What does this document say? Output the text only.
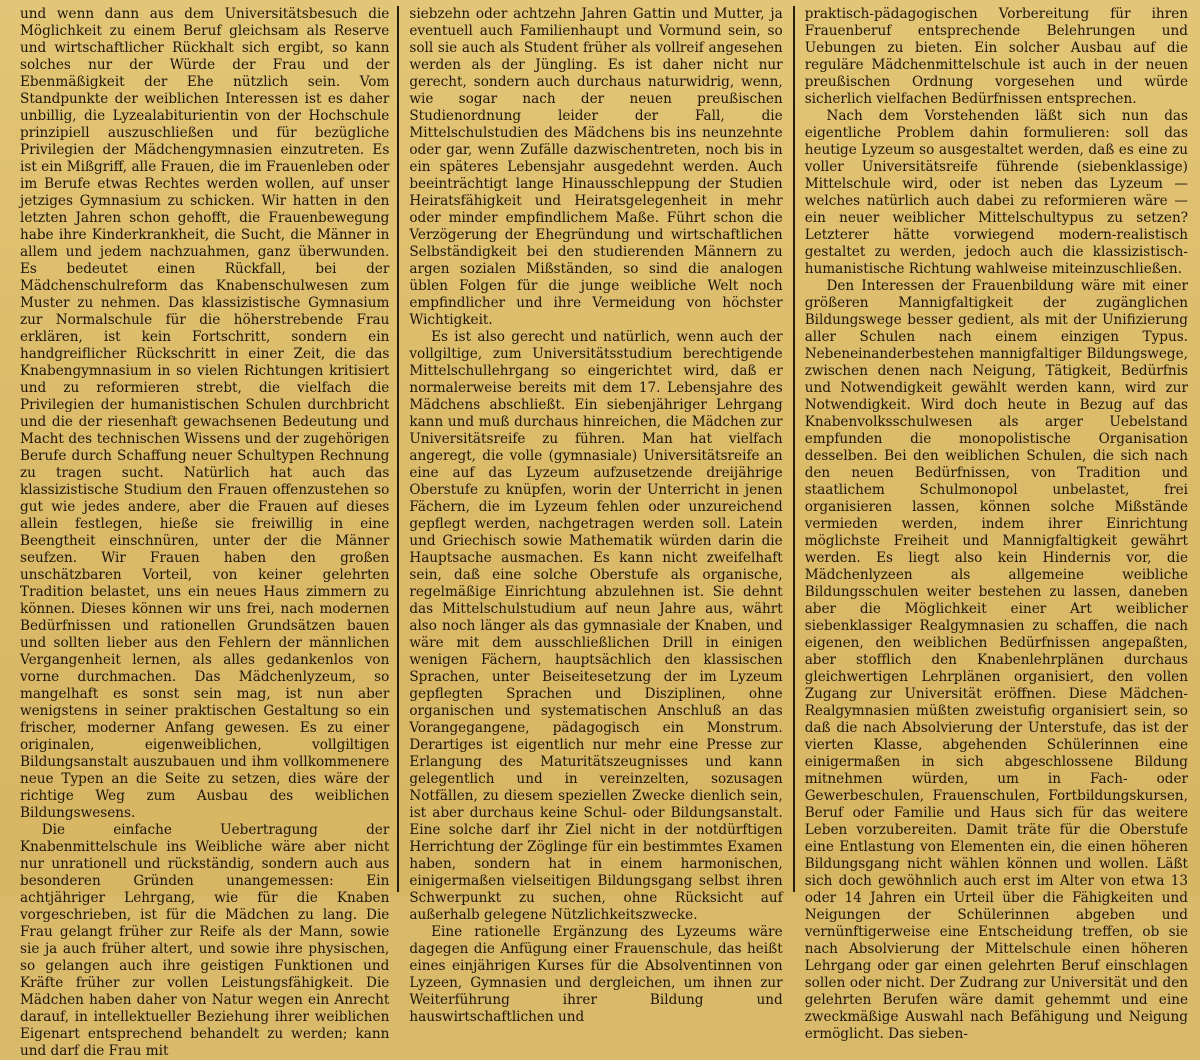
und wenn dann aus dem Universitätsbesuch die Möglichkeit zu einem Beruf gleichsam als Reserve und wirtschaftlicher Rückhalt sich ergibt, so kann solches nur der Würde der Frau und der Ebenmäßigkeit der Ehe nützlich sein. Vom Standpunkte der weiblichen Interessen ist es daher unbillig, die Lyzealabiturientin von der Hochschule prinzipiell auszuschließen und für bezügliche Privilegien der Mädchengymnasien einzutreten. Es ist ein Mißgriff, alle Frauen, die im Frauenleben oder im Berufe etwas Rechtes werden wollen, auf unser jetziges Gymnasium zu schicken. Wir hatten in den letzten Jahren schon gehofft, die Frauenbewegung habe ihre Kinderkrankheit, die Sucht, die Männer in allem und jedem nachzuahmen, ganz überwunden. Es bedeutet einen Rückfall, bei der Mädchenschulreform das Knabenschulwesen zum Muster zu nehmen. Das klassizistische Gymnasium zur Normalschule für die höherstrebende Frau erklären, ist kein Fortschritt, sondern ein handgreiflicher Rückschritt in einer Zeit, die das Knabengymnasium in so vielen Richtungen kritisiert und zu reformieren strebt, die vielfach die Privilegien der humanistischen Schulen durchbricht und die der riesenhaft gewachsenen Bedeutung und Macht des technischen Wissens und der zugehörigen Berufe durch Schaffung neuer Schultypen Rechnung zu tragen sucht. Natürlich hat auch das klassizistische Studium den Frauen offenzustehen so gut wie jedes andere, aber die Frauen auf dieses allein festlegen, hieße sie freiwillig in eine Beengtheit einschnüren, unter der die Männer seufzen. Wir Frauen haben den großen unschätzbaren Vorteil, von keiner gelehrten Tradition belastet, uns ein neues Haus zimmern zu können. Dieses können wir uns frei, nach modernen Bedürfnissen und rationellen Grundsätzen bauen und sollten lieber aus den Fehlern der männlichen Vergangenheit lernen, als alles gedankenlos von vorne durchmachen. Das Mädchenlyzeum, so mangelhaft es sonst sein mag, ist nun aber wenigstens in seiner praktischen Gestaltung so ein frischer, moderner Anfang gewesen. Es zu einer originalen, eigenweiblichen, vollgiltigen Bildungsanstalt auszubauen und ihm vollkommenere neue Typen an die Seite zu setzen, dies wäre der richtige Weg zum Ausbau des weiblichen Bildungswesens.

Die einfache Uebertragung der Knabenmittelschule ins Weibliche wäre aber nicht nur unrationell und rückständig, sondern auch aus besonderen Gründen unangemessen: Ein achtjähriger Lehrgang, wie für die Knaben vorgeschrieben, ist für die Mädchen zu lang. Die Frau gelangt früher zur Reife als der Mann, sowie sie ja auch früher altert, und sowie ihre physischen, so gelangen auch ihre geistigen Funktionen und Kräfte früher zur vollen Leistungsfähigkeit. Die Mädchen haben daher von Natur wegen ein Anrecht darauf, in intellektueller Beziehung ihrer weiblichen Eigenart entsprechend behandelt zu werden; kann und darf die Frau mit

siebzehn oder achtzehn Jahren Gattin und Mutter, ja eventuell auch Familienhaupt und Vormund sein, so soll sie auch als Student früher als vollreif angesehen werden als der Jüngling. Es ist daher nicht nur gerecht, sondern auch durchaus naturwidrig, wenn, wie sogar nach der neuen preußischen Studienordnung leider der Fall, die Mittelschulstudien des Mädchens bis ins neunzehnte oder gar, wenn Zufälle dazwischentreten, noch bis in ein späteres Lebensjahr ausgedehnt werden. Auch beeinträchtigt lange Hinausschleppung der Studien Heiratsfähigkeit und Heiratsgelegenheit in mehr oder minder empfindlichem Maße. Führt schon die Verzögerung der Ehegründung und wirtschaftlichen Selbständigkeit bei den studierenden Männern zu argen sozialen Mißständen, so sind die analogen üblen Folgen für die junge weibliche Welt noch empfindlicher und ihre Vermeidung von höchster Wichtigkeit.

Es ist also gerecht und natürlich, wenn auch der vollgiltige, zum Universitätsstudium berechtigende Mittelschullehrgang so eingerichtet wird, daß er normalerweise bereits mit dem 17. Lebensjahre des Mädchens abschließt. Ein siebenjähriger Lehrgang kann und muß durchaus hinreichen, die Mädchen zur Universitätsreife zu führen. Man hat vielfach angeregt, die volle (gymnasiale) Universitätsreife an eine auf das Lyzeum aufzusetzende dreijährige Oberstufe zu knüpfen, worin der Unterricht in jenen Fächern, die im Lyzeum fehlen oder unzureichend gepflegt werden, nachgetragen werden soll. Latein und Griechisch sowie Mathematik würden darin die Hauptsache ausmachen. Es kann nicht zweifelhaft sein, daß eine solche Oberstufe als organische, regelmäßige Einrichtung abzulehnen ist. Sie dehnt das Mittelschulstudium auf neun Jahre aus, währt also noch länger als das gymnasiale der Knaben, und wäre mit dem ausschließlichen Drill in einigen wenigen Fächern, hauptsächlich den klassischen Sprachen, unter Beiseitesetzung der im Lyzeum gepflegten Sprachen und Disziplinen, ohne organischen und systematischen Anschluß an das Vorangegangene, pädagogisch ein Monstrum. Derartiges ist eigentlich nur mehr eine Presse zur Erlangung des Maturitätszeugnisses und kann gelegentlich und in vereinzelten, sozusagen Notfällen, zu diesem speziellen Zwecke dienlich sein, ist aber durchaus keine Schul- oder Bildungsanstalt. Eine solche darf ihr Ziel nicht in der notdürftigen Herrichtung der Zöglinge für ein bestimmtes Examen haben, sondern hat in einem harmonischen, einigermaßen vielseitigen Bildungsgang selbst ihren Schwerpunkt zu suchen, ohne Rücksicht auf außerhalb gelegene Nützlichkeitszwecke.

Eine rationelle Ergänzung des Lyzeums wäre dagegen die Anfügung einer Frauenschule, das heißt eines einjährigen Kurses für die Absolventinnen von Lyzeen, Gymnasien und dergleichen, um ihnen zur Weiterführung ihrer Bildung und hauswirtschaftlichen und

praktisch-pädagogischen Vorbereitung für ihren Frauenberuf entsprechende Belehrungen und Uebungen zu bieten. Ein solcher Ausbau auf die reguläre Mädchenmittelschule ist auch in der neuen preußischen Ordnung vorgesehen und würde sicherlich vielfachen Bedürfnissen entsprechen.

Nach dem Vorstehenden läßt sich nun das eigentliche Problem dahin formulieren: soll das heutige Lyzeum so ausgestaltet werden, daß es eine zu voller Universitätsreife führende (siebenklassige) Mittelschule wird, oder ist neben das Lyzeum — welches natürlich auch dabei zu reformieren wäre — ein neuer weiblicher Mittelschultypus zu setzen? Letzterer hätte vorwiegend modern-realistisch gestaltet zu werden, jedoch auch die klassizistisch-humanistische Richtung wahlweise miteinzuschließen.

Den Interessen der Frauenbildung wäre mit einer größeren Mannigfaltigkeit der zugänglichen Bildungswege besser gedient, als mit der Unifizierung aller Schulen nach einem einzigen Typus. Nebeneinanderbestehen mannigfaltiger Bildungswege, zwischen denen nach Neigung, Tätigkeit, Bedürfnis und Notwendigkeit gewählt werden kann, wird zur Notwendigkeit. Wird doch heute in Bezug auf das Knabenvolksschulwesen als arger Uebelstand empfunden die monopolistische Organisation desselben. Bei den weiblichen Schulen, die sich nach den neuen Bedürfnissen, von Tradition und staatlichem Schulmonopol unbelastet, frei organisieren lassen, können solche Mißstände vermieden werden, indem ihrer Einrichtung möglichste Freiheit und Mannigfaltigkeit gewährt werden. Es liegt also kein Hindernis vor, die Mädchenlyzeen als allgemeine weibliche Bildungsschulen weiter bestehen zu lassen, daneben aber die Möglichkeit einer Art weiblicher siebenklassiger Realgymnasien zu schaffen, die nach eigenen, den weiblichen Bedürfnissen angepaßten, aber stofflich den Knabenlehrplänen durchaus gleichwertigen Lehrplänen organisiert, den vollen Zugang zur Universität eröffnen. Diese Mädchen-Realgymnasien müßten zweistufig organisiert sein, so daß die nach Absolvierung der Unterstufe, das ist der vierten Klasse, abgehenden Schülerinnen eine einigermaßen in sich abgeschlossene Bildung mitnehmen würden, um in Fach- oder Gewerbeschulen, Frauenschulen, Fortbildungskursen, Beruf oder Familie und Haus sich für das weitere Leben vorzubereiten. Damit träte für die Oberstufe eine Entlastung von Elementen ein, die einen höheren Bildungsgang nicht wählen können und wollen. Läßt sich doch gewöhnlich auch erst im Alter von etwa 13 oder 14 Jahren ein Urteil über die Fähigkeiten und Neigungen der Schülerinnen abgeben und vernünftigerweise eine Entscheidung treffen, ob sie nach Absolvierung der Mittelschule einen höheren Lehrgang oder gar einen gelehrten Beruf einschlagen sollen oder nicht. Der Zudrang zur Universität und den gelehrten Berufen wäre damit gehemmt und eine zweckmäßige Auswahl nach Befähigung und Neigung ermöglicht. Das sieben-
